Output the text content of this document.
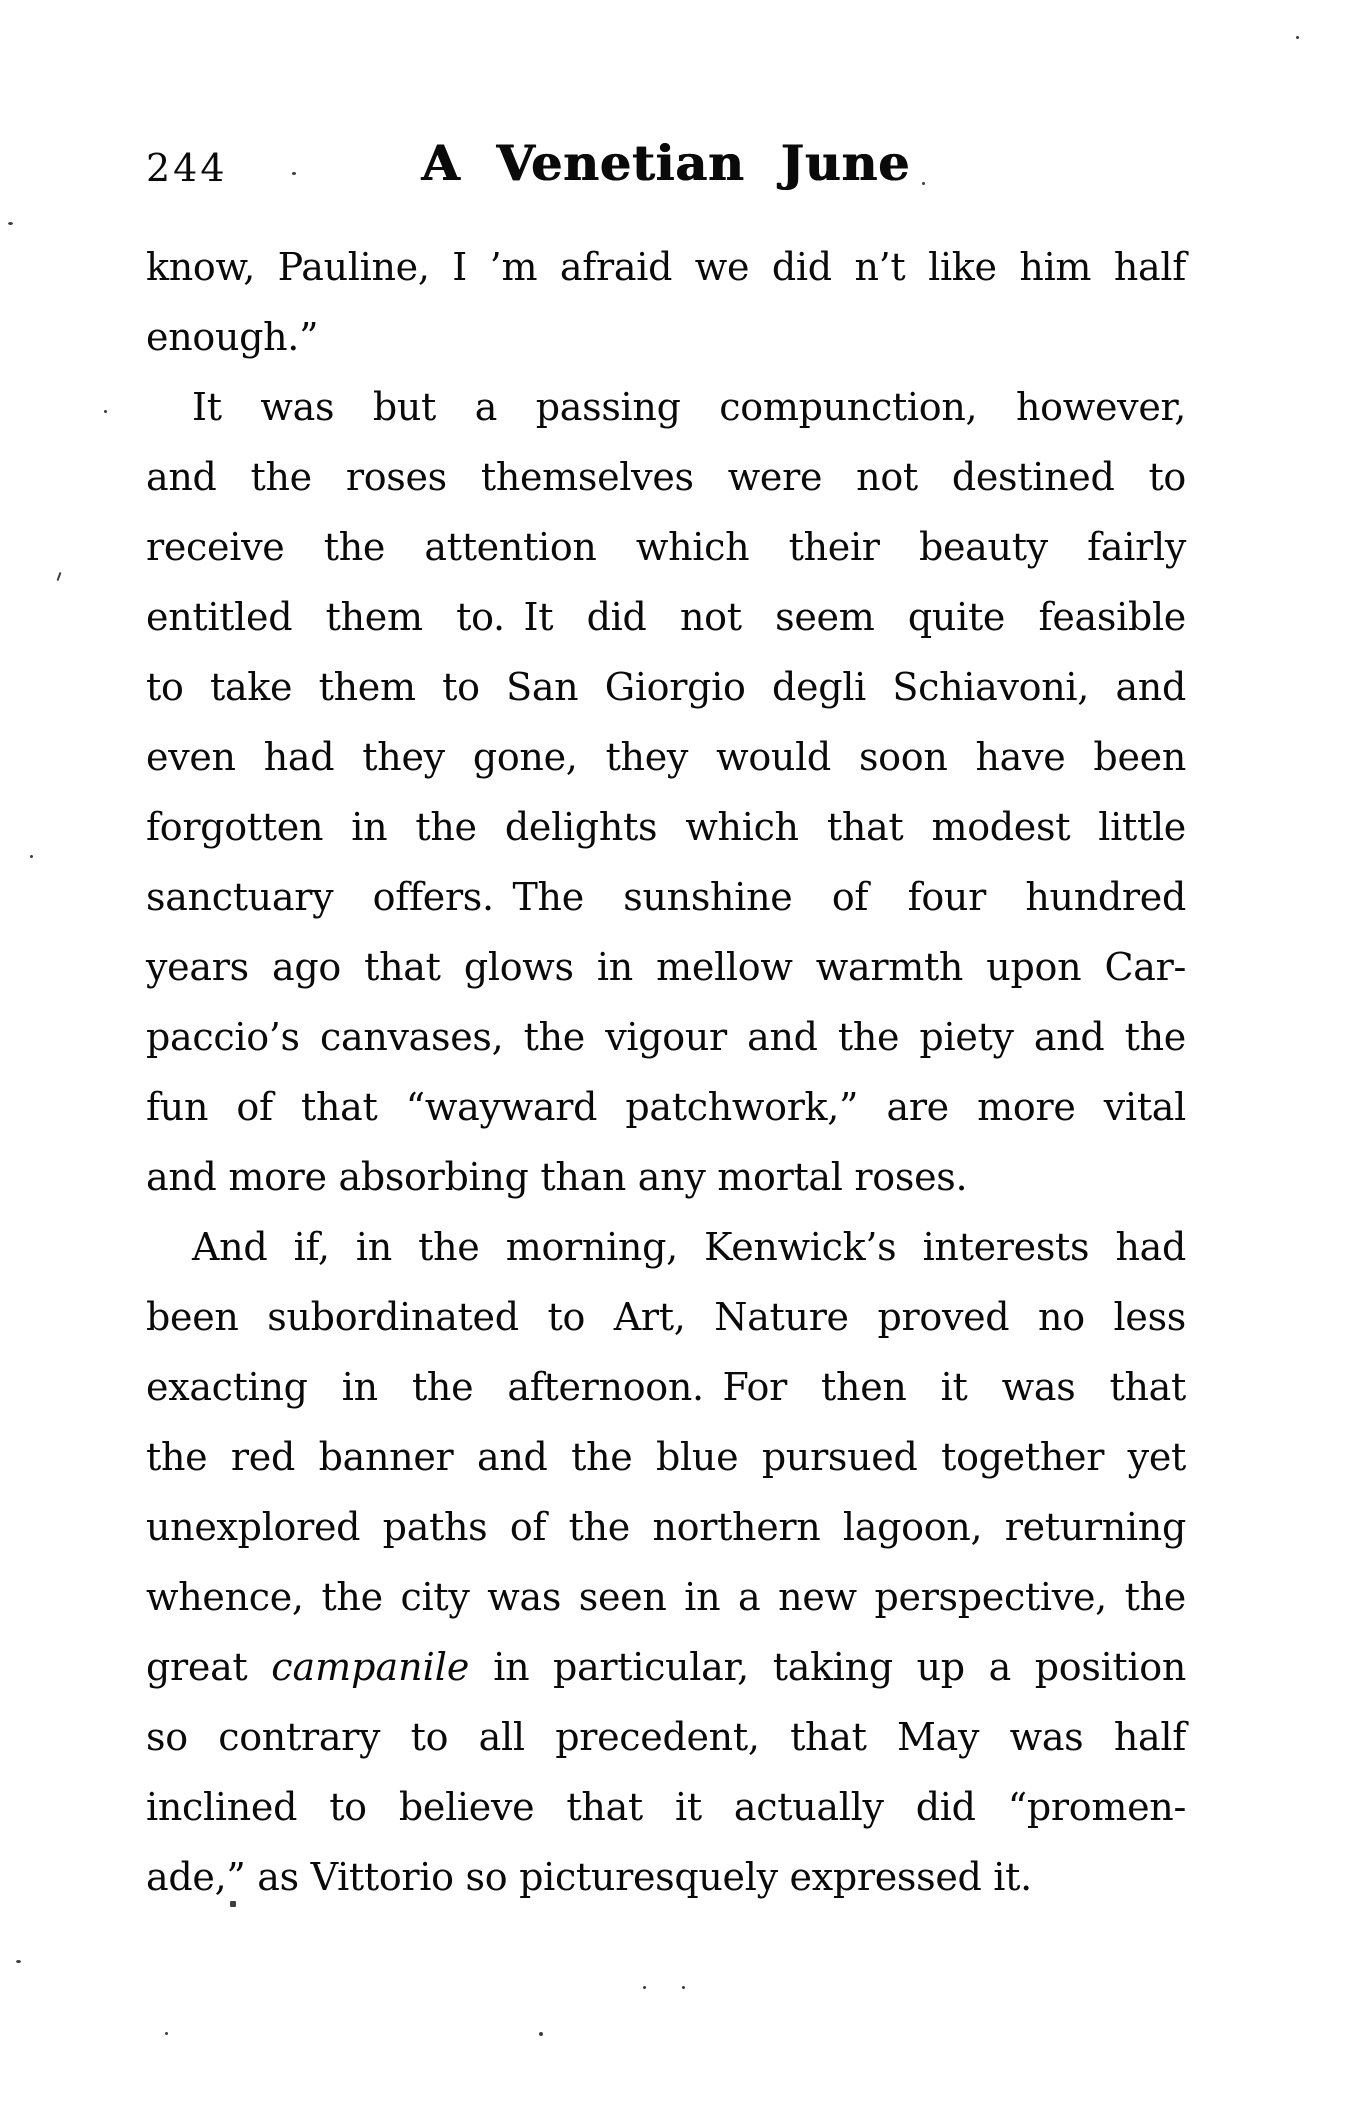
244	A Venetian June
know, Pauline, I ’m afraid we did n’t like him half
enough.”
It was but a passing compunction, however,
and the roses themselves were not destined to
receive the attention which their beauty fairly
entitled them to. It did not seem quite feasible
to take them to San Giorgio degli Schiavoni, and
even had they gone, they would soon have been
forgotten in the delights which that modest little
sanctuary offers. The sunshine of four hundred
years ago that glows in mellow warmth upon Car-
paccio’s canvases, the vigour and the piety and the
fun of that “wayward patchwork,” are more vital
and more absorbing than any mortal roses.
And if, in the morning, Kenwick’s interests had
been subordinated to Art, Nature proved no less
exacting in the afternoon. For then it was that
the red banner and the blue pursued together yet
unexplored paths of the northern lagoon, returning
whence, the city was seen in a new perspective, the
great campanile in particular, taking up a position
so contrary to all precedent, that May was half
inclined to believe that it actually did “promen-
ade,” as Vittorio so picturesquely expressed it.
